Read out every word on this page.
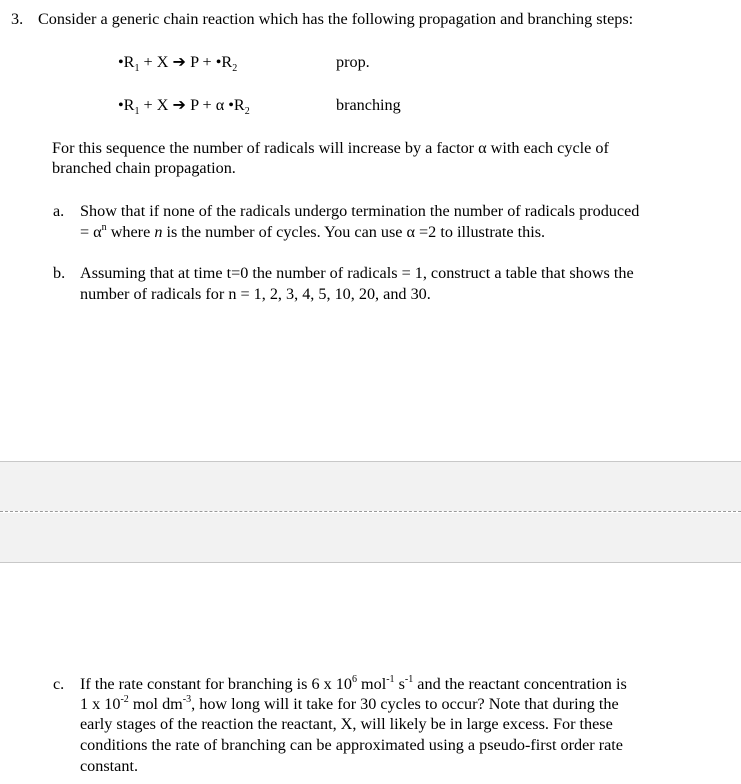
3. Consider a generic chain reaction which has the following propagation and branching steps:
$•R_1 + X$ ➔ $P + •R_2$	prop.
$•R_1 + X$ ➔ P + α $•R_2$	branching
For this sequence the number of radicals will increase by a factor α with each cycle of
branched chain propagation.
a. Show that if none of the radicals undergo termination the number of radicals produced
= $\alpha^n$ where n is the number of cycles. You can use α =2 to illustrate this.
b. Assuming that at time t=0 the number of radicals = 1, construct a table that shows the
number of radicals for n = 1, 2, 3, 4, 5, 10, 20, and 30.
c. If the rate constant for branching is 6 x $10^6$ mol$^{-1}$ $s^{-1}$ and the reactant concentration is
1 x $10^{-2}$ mol $dm^{-3}$, how long will it take for 30 cycles to occur? Note that during the
early stages of the reaction the reactant, X, will likely be in large excess. For these
conditions the rate of branching can be approximated using a pseudo-first order rate
constant.
